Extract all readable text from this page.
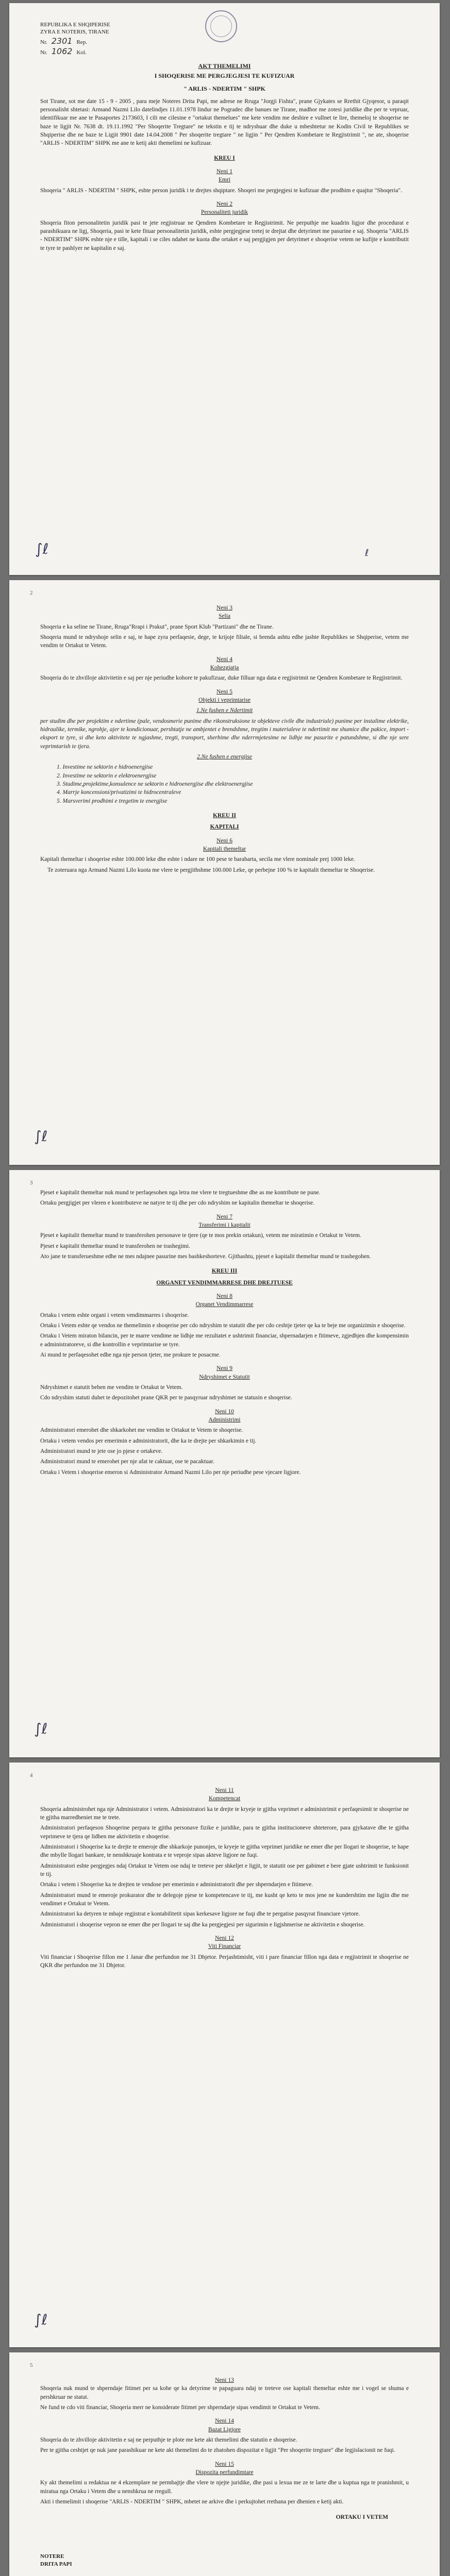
REPUBLIKA E SHQIPERISE
ZYRA E NOTERIS, TIRANE
Nr. 2301 Rep.
Nr. 1062 Kol.
AKT THEMELIMI
I SHOQERISE ME PERGJEGJESI TE KUFIZUAR
" ARLIS - NDERTIM " SHPK

Sot Tirane, sot me date 15 - 9 - 2005 , para meje Noteres Drita Papi, me adrese ne Rruga "Jorgji Fishta", prane Gjykates se Rrethit Gjyqesor, u paraqit personalisht shtetasi: Armand Nazmi Lilo datelindjes 11.01.1978 lindur ne Pogradec dhe banues ne Tirane, madhor me zotesi juridike dhe per te vepruar, identifikuar me ane te Pasaportes 2173603, I cili me cilesine e "ortakut themelues" me kete vendim me deshire e vullnet te lire, themeloj te shoqerise ne baze te ligjit Nr. 7638 dt. 19.11.1992 "Per Shoqerite Tregtare" ne tekstin e tij te ndryshuar dhe duke u mbeshtetur ne Kodin Civil te Republikes se Shqiperise dhe ne baze te Ligjit 9901 date 14.04.2008 " Per shoqerite tregtare " ne ligjin " Per Qendren Kombetare te Regjistrimit ", ne ate, shoqerise "ARLIS - NDERTIM" SHPK me ane te ketij akti themelimi ne kufizuar.

KREU I
Neni 1
Emri

Shoqeria " ARLIS - NDERTIM " SHPK, eshte person juridik i te drejtes shqiptare. Shoqeri me pergjegjesi te kufizuar dhe prodhim e quajtur "Shoqeria".

Neni 2
Personaliteti juridik

Shoqeria fiton personalitetin juridik pasi te jete regjistruar ne Qendren Kombetare te Regjistrimit. Ne perputhje me kuadrin ligjor dhe procedurat e parashikuara ne ligj, Shoqeria, pasi te kete fituar personalitetin juridik, eshte pergjegjese tretej te drejtat dhe detyrimet me pasurine e saj. Shoqeria "ARLIS - NDERTIM" SHPK eshte nje e tille, kapitali i se ciles ndahet ne kuota dhe ortaket e saj pergjigjen per detyrimet e shoqerise vetem ne kufijte e kontributit te tyre te pashlyer ne kapitalin e saj.

∫ℓ	ℓ
2
Neni 3
Selia

Shoqeria e ka seline ne Tirane, Rruga"Rrapi i Prakut", prane Sport Klub "Partizani" dhe ne Tirane.

Shoqeria mund te ndryshoje selin e saj, te hape zyra perfaqesie, dege, te krijoje filiale, si brenda ashtu edhe jashte Republikes se Shqiperise, vetem me vendim te Ortakut te Vetem.

Neni 4
Kohezgjatja

Shoqeria do te zhvilloje aktivitetin e saj per nje periudhe kohore te pakufizuar, duke filluar nga data e regjistrimit ne Qendren Kombetare te Regjistrimit.

Neni 5
Objekti i veprimtarise
1.Ne fushen e Ndertimit

per studim dhe per projektim e ndertime (pale, vendosmerie punime dhe rikonstruksione te objekteve civile dhe industriale) punime per instalime elektrike, hidraulike, termike, ngrohje, ajer te kondicionuar, pershtatje ne ambjentet e brendshme, tregtim i materialeve te ndertimit me shumice dhe pakice, import - eksport te tyre, si dhe keto aktivitete te ngjashme, tregti, transport, sherbime dhe nderrmjetesime ne lidhje me pasurite e patundshme, si dhe nje sere veprimtarish te tjera.

2.Ne fushen e energjise
1. Investime ne sektorin e hidroenergjise
2. Investime ne sektorin e elektroenergjise
3. Studime,projektime,konsulence ne sektorin e hidroenergjise dhe elektroenergjise
4. Marrje koncensioni/privatizimi te hidrocentraleve
5. Marsverimi prodhimi e tregetim te energjise
KREU II
KAPITALI
Neni 6
Kapitali themeltar

Kapitali themeltar i shoqerise eshte 100.000 leke dhe eshte i ndare ne 100 pese te barabarta, secila me vlere nominale prej 1000 leke.

Te zoteruara nga Armand Nazmi Lilo kuota me vlere te pergjithshme 100.000 Leke, qe perbejne 100 % te kapitalit themeltar te Shoqerise.

∫ℓ
3

Pjeset e kapitalit themeltar nuk mund te perfaqesohen nga letra me vlere te tregtueshme dhe as me kontribute ne pune.

Ortaku pergjigjet per vleren e kontributeve ne natyre te tij dhe per cdo ndryshim ne kapitalin themeltar te shoqerise.

Neni 7
Transferimi i kapitalit

Pjeset e kapitalit themeltar mund te transferohen personave te tjere (qe te mos prekin ortakun), vetem me miratimin e Ortakut te Vetem.

Pjeset e kapitalit themeltar mund te transferohen ne trashegimi.

Ato jane te transferueshme edhe ne mes ndajnee pasurine mes bashkeshorteve. Gjithashtu, pjeset e kapitalit themeltar mund te trashegohen.

KREU III
ORGANET VENDIMMARRESE DHE DREJTUESE
Neni 8
Organet Vendimmarrese

Ortaku i vetem eshte organi i vetem vendimmarres i shoqerise.

Ortaku i Vetem eshte qe vendos ne themelimin e shoqerise per cdo ndryshim te statutit dhe per cdo ceshtje tjeter qe ka te beje me organizimin e shoqerise.

Ortaku i Vetem miraton bilancin, per te marre vendime ne lidhje me rezultatet e ushtrimit financiar, shpernadarjen e fitimeve, zgjedhjen dhe kompensimin e administratoreve, si dhe kontrollin e veprimtarise se tyre.

Ai mund te perfaqesohet edhe nga nje person tjeter, me prokure te posacme.

Neni 9
Ndryshimet e Statutit

Ndryshimet e statutit behen me vendim te Ortakut te Vetem.

Cdo ndryshim statuti duhet te depozitohet prane QKR per te pasqyruar ndryshimet ne statusin e shoqerise.

Neni 10
Administrimi

Administratori emerohet dhe shkarkohet me vendim te Ortakut te Vetem te shoqerise.

Ortaku i vetem vendos per emerimin e administratorit, dhe ka te drejte per shkarkimin e tij.

Administratori mund te jete ose jo pjese e ortakeve.

Administratori mund te emerohet per nje afat te caktuar, ose te pacaktuar.

Ortaku i Vetem i shoqerise emeron si Administrator Armand Nazmi Lilo per nje periudhe pese vjecare ligjore.

∫ℓ
4
Neni 11
Kompetencat

Shoqeria administrohet nga nje Administrator i vetem. Administratori ka te drejte te kryeje te gjitha veprimet e administrimit e perfaqesimit te shoqerise ne te gjitha marredheniet me te trete.

Administratori perfaqeson Shoqerine perpara te gjitha personave fizike e juridike, para te gjitha institucioneve shteterore, para gjykatave dhe te gjitha veprimeve te tjera qe lidhen me aktivitetin e shoqerise.

Administratori i Shoqerise ka te drejte te emeroje dhe shkarkoje punonjes, te kryeje te gjitha veprimet juridike ne emer dhe per llogari te shoqerise, te hape dhe mbylle llogari bankare, te nenshkruaje kontrata e te veproje sipas akteve ligjore ne fuqi.

Administratori eshte pergjegjes ndaj Ortakut te Vetem ose ndaj te treteve per shkeljet e ligjit, te statutit ose per gabimet e bere gjate ushtrimit te funksionit te tij.

Ortaku i vetem i Shoqerise ka te drejten te vendose per emerimin e administratorit dhe per shperndarjen e fitimeve.

Administratori mund te emeroje prokurator dhe te delegoje pjese te kompetencave te tij, me kusht qe keto te mos jene ne kundershtim me ligjin dhe me vendimet e Ortakut te Vetem.

Administratori ka detyren te mbaje regjistrat e kontabilitetit sipas kerkesave ligjore ne fuqi dhe te pergatise pasqyrat financiare vjetore.

Administratori i shoqerise vepron ne emer dhe per llogari te saj dhe ka pergjegjesi per sigurimin e ligjshmerise ne aktivitetin e shoqerise.

Neni 12
Viti Financiar

Viti financiar i Shoqerise fillon me 1 Janar dhe perfundon me 31 Dhjetor. Perjashtimisht, viti i pare financiar fillon nga data e regjistrimit te shoqerise ne QKR dhe perfundon me 31 Dhjetor.

∫ℓ
5
Neni 13

Shoqeria nuk mund te shperndaje fitimet per sa kohe qe ka detyrime te papaguara ndaj te treteve ose kapitali themeltar eshte me i vogel se shuma e pershkruar ne statut.

Ne fund te cdo viti financiar, Shoqeria merr ne konsiderate fitimet per shperndarje sipas vendimit te Ortakut te Vetem.

Neni 14
Bazat Ligjore

Shoqeria do te zhvilloje aktivitetin e saj ne perputhje te plote me kete akt themelimi dhe statutin e shoqerise.

Per te gjitha ceshtjet qe nuk jane parashikuar ne kete akt themelimi do te zbatohen dispozitat e ligjit "Per shoqerite tregtare" dhe legjislacionit ne fuqi.

Neni 15
Dispozita perfundimtare

Ky akt themelimi u redaktua ne 4 ekzemplare ne permbajtje dhe vlere te njejte juridike, dhe pasi u lexua me ze te larte dhe u kuptua nga te pranishmit, u miratua nga Ortaku i Vetem dhe u nenshkrua ne rregull.

Akti i themelimit i shoqerise "ARLIS - NDERTIM " SHPK, mbetet ne arkive dhe i perkujtohet rrethana per dhenien e ketij akti.

ORTAKU I VETEM
NOTERE
DRITA PAPI
